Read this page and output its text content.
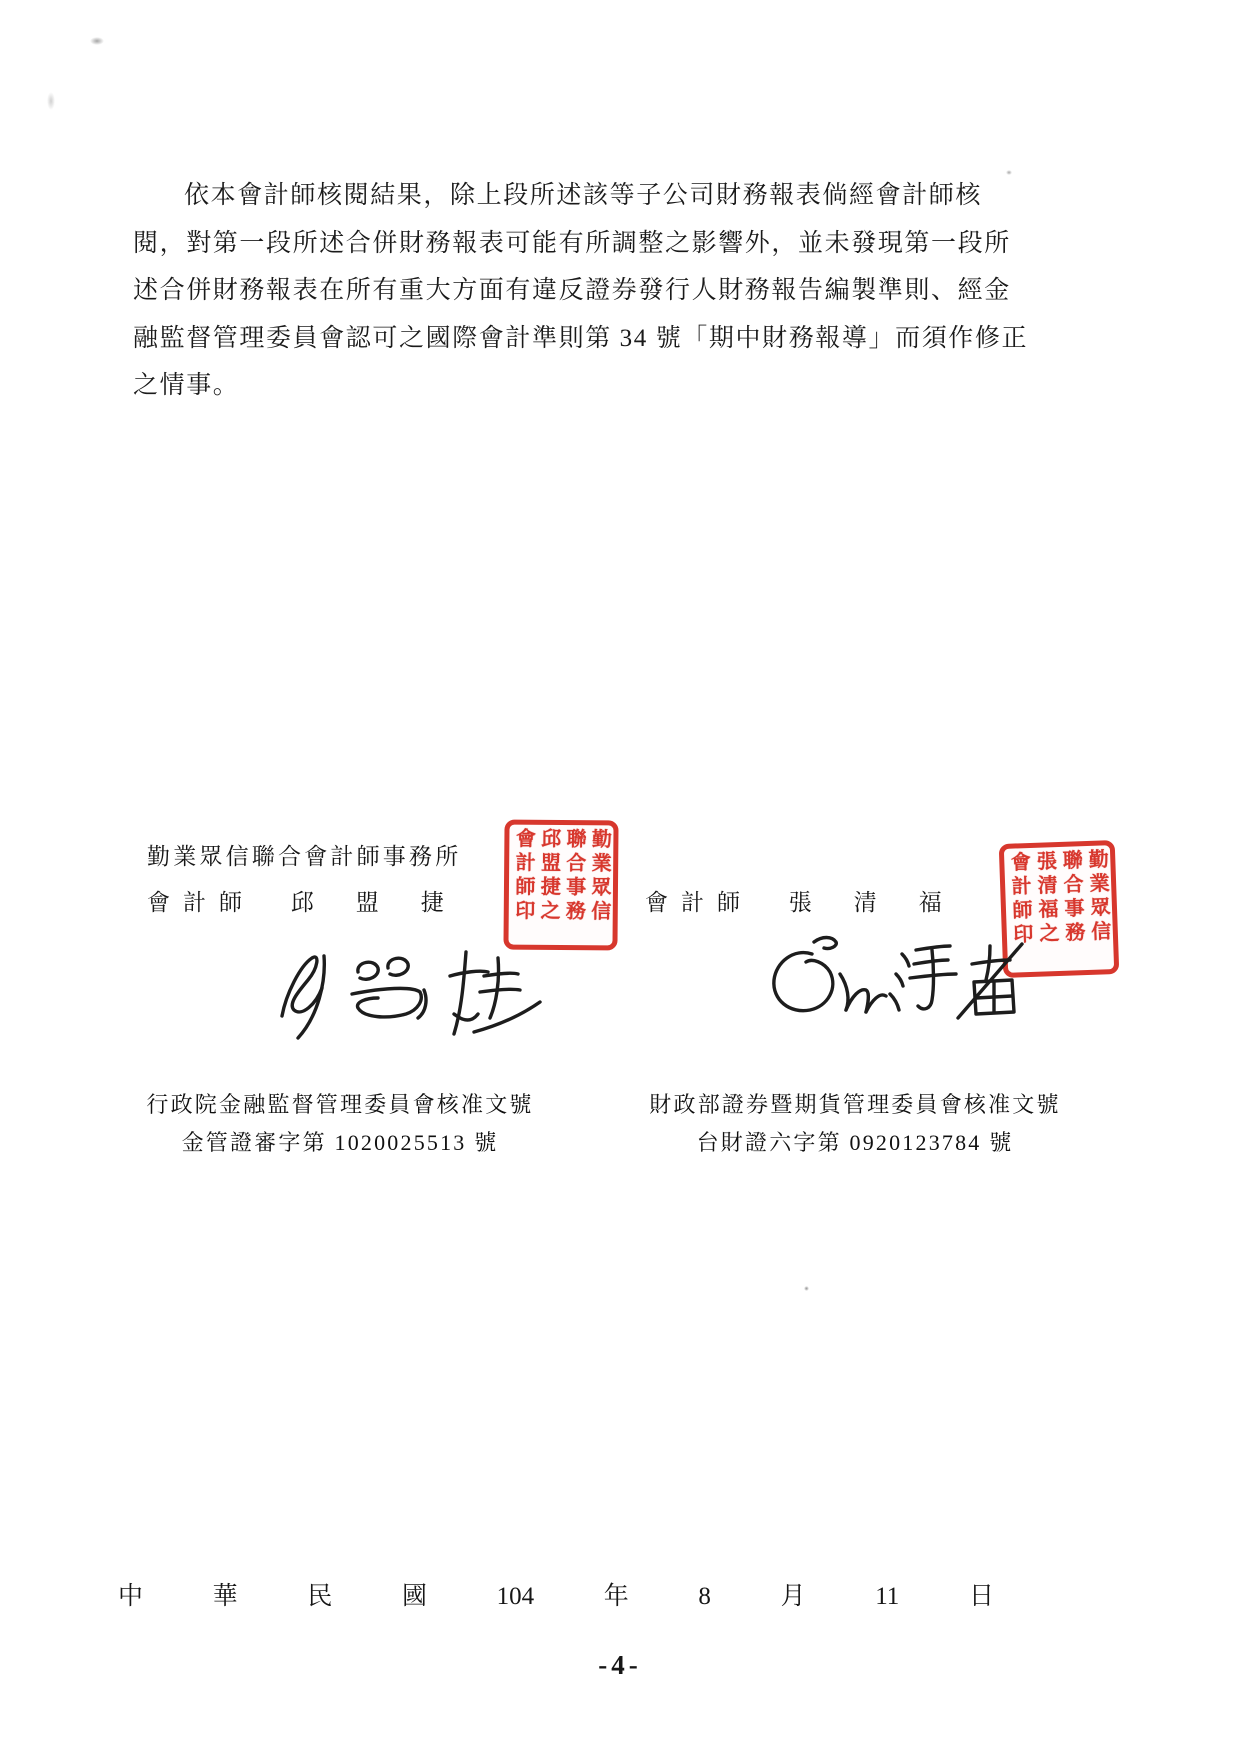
依本會計師核閱結果，除上段所述該等子公司財務報表倘經會計師核
閱，對第一段所述合併財務報表可能有所調整之影響外，並未發現第一段所
述合併財務報表在所有重大方面有違反證券發行人財務報告編製準則、經金
融監督管理委員會認可之國際會計準則第 34 號「期中財務報導」而須作修正
之情事。
勤業眾信聯合會計師事務所
會計師 邱盟捷	會計師 張清福
會計師印 邱盟捷之 聯合事務 勤業眾信	會計師印 張清福之 聯合事務 勤業眾信
行政院金融監督管理委員會核准文號
金管證審字第 1020025513 號
財政部證券暨期貨管理委員會核准文號
台財證六字第 0920123784 號
中	華	民	國	104	年	8	月	11	日
-4-
